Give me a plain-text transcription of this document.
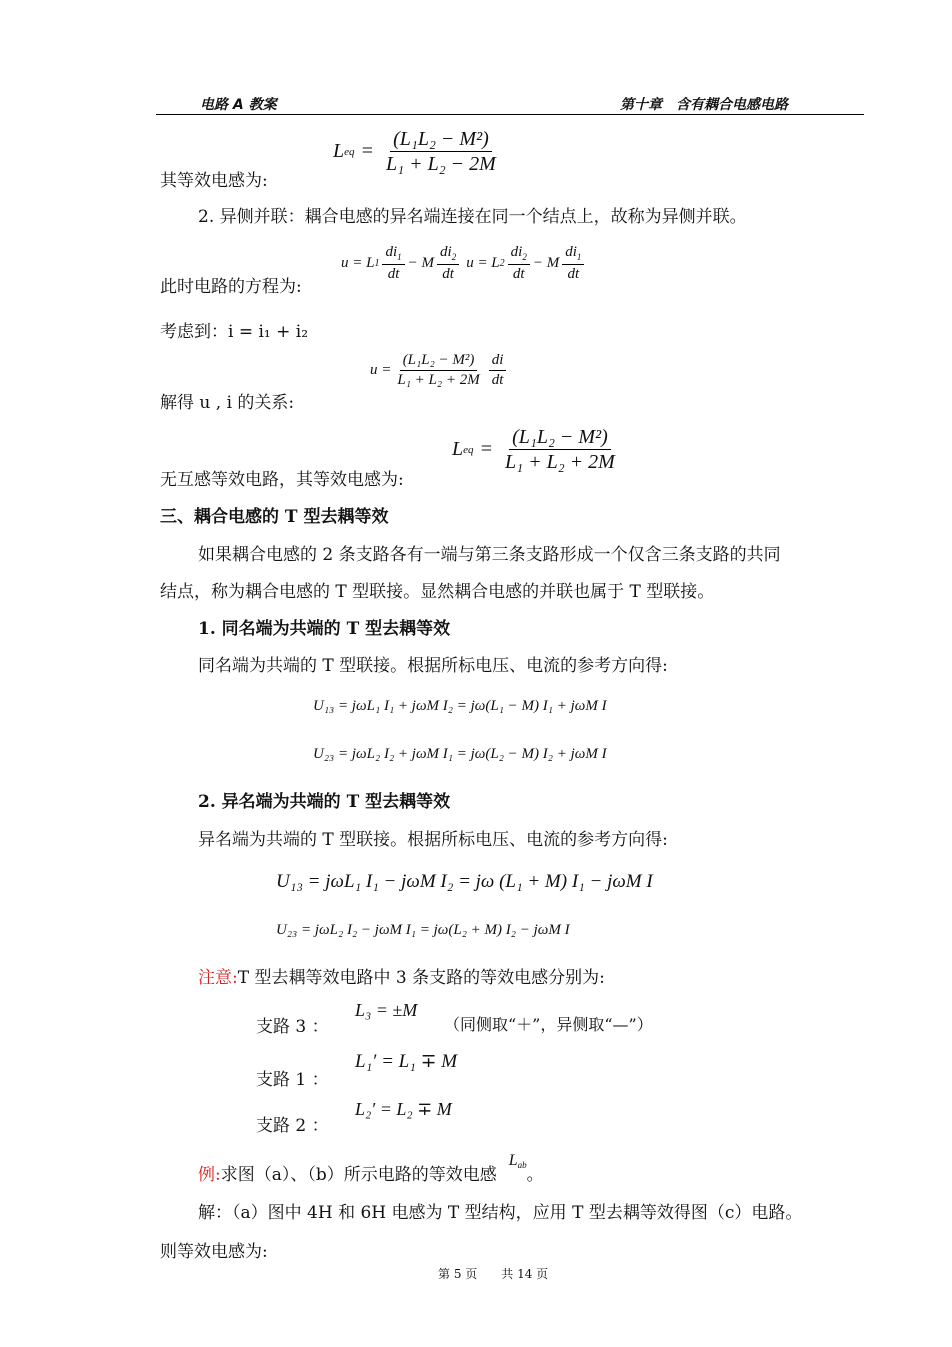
电路 A 教案	第十章　含有耦合电感电路
其等效电感为:
L eq = $\frac{\text{(L₁L₂ − M²)}}{\text{L₁ + L₂ − 2M}}$
2. 异侧并联：耦合电感的异名端连接在同一个结点上，故称为异侧并联。
此时电路的方程为:
u = L $1 \frac{di_1}{dt} - M \frac{di_2}{dt}$ u = L $2 \frac{di_2}{dt} - M \frac{di_1}{dt}$
考虑到：i = i₁ + i₂
解得 u , i 的关系:
$u = \frac{\text{(L₁L₂ − M²)}}{\text{L₁ + L₂ + 2M}} \frac{di}{dt}$
无互感等效电路，其等效电感为:
L eq = $\frac{\text{(L₁L₂ − M²)}}{\text{L₁ + L₂ + 2M}}$
三、耦合电感的 T 型去耦等效
如果耦合电感的 2 条支路各有一端与第三条支路形成一个仅含三条支路的共同
结点，称为耦合电感的 T 型联接。显然耦合电感的并联也属于 T 型联接。
1. 同名端为共端的 T 型去耦等效
同名端为共端的 T 型联接。根据所标电压、电流的参考方向得:
U₁₃ = jωL₁ I₁ + jωM I₂ = jω(L₁ − M) I₁ + jωM I
U₂₃ = jωL₂ I₂ + jωM I₁ = jω(L₂ − M) I₂ + jωM I
2. 异名端为共端的 T 型去耦等效
异名端为共端的 T 型联接。根据所标电压、电流的参考方向得:
U₁₃ = jωL₁ I₁ − jωM I₂ = jω (L₁ + M) I₁ − jωM I
U₂₃ = jωL₂ I₂ − jωM I₁ = jω(L₂ + M) I₂ − jωM I
注意:T 型去耦等效电路中 3 条支路的等效电感分别为:
支路 3 ：
L₃ = ±M
（同侧取“＋”，异侧取“—”）
支路 1 ：
L₁′ = L₁ ∓ M
支路 2 ：
L₂′ = L₂ ∓ M
例: 求图（a）、（b）所示电路的等效电感
$L_{ab}$ 。
解：（a）图中 4H 和 6H 电感为 T 型结构，应用 T 型去耦等效得图（c）电路。
则等效电感为:
第 5 页　　共 14 页
